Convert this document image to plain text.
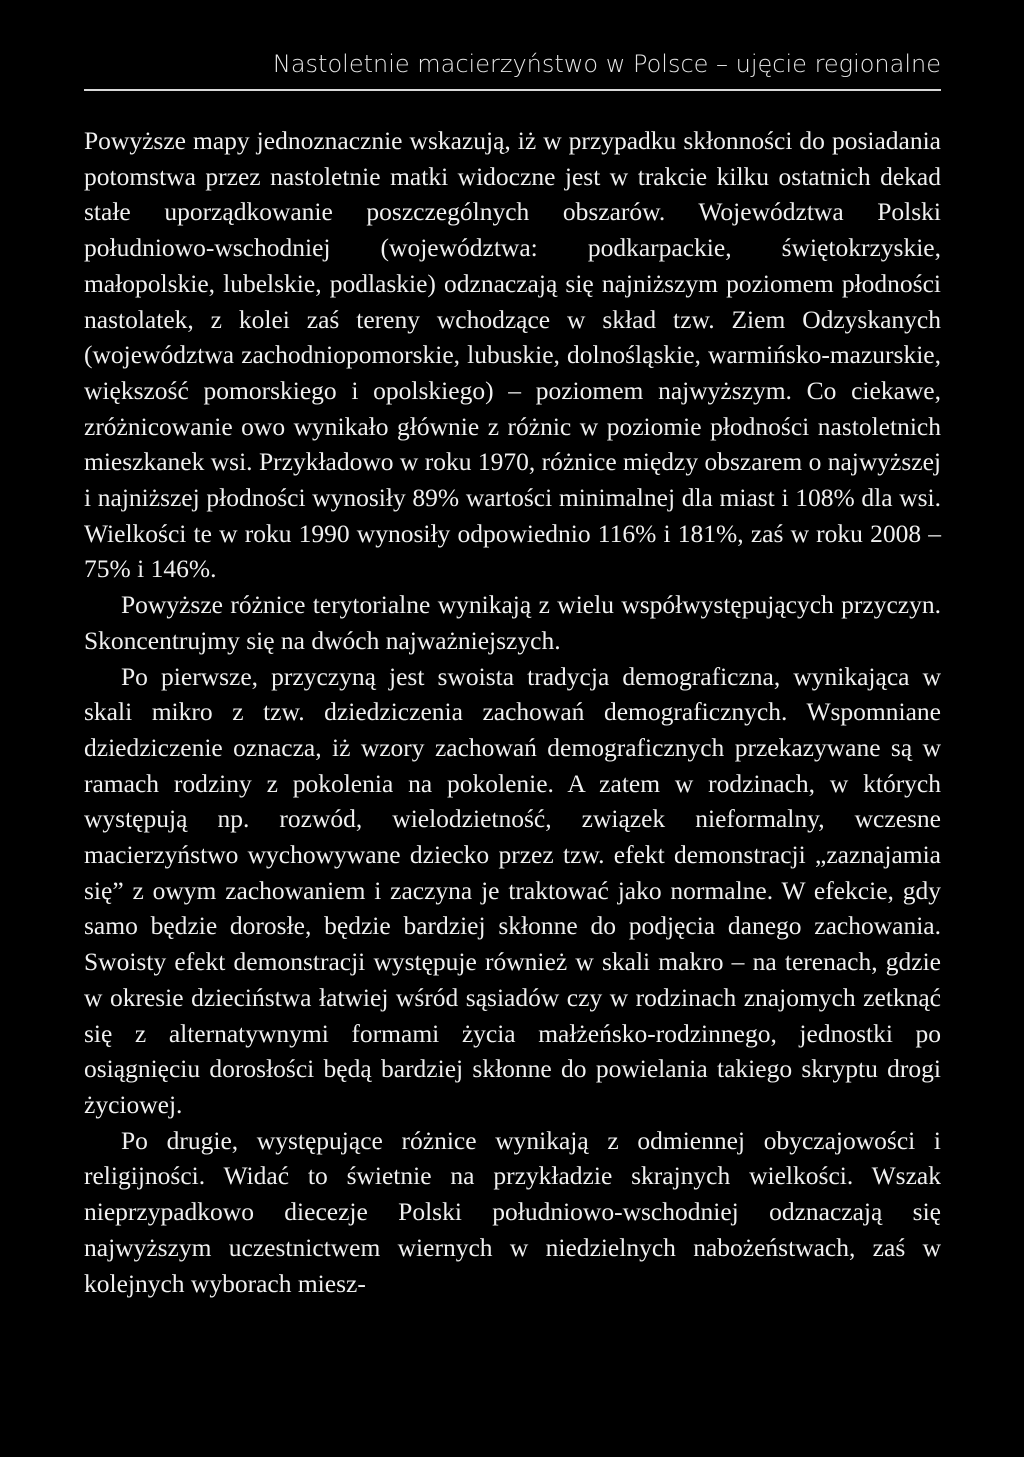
Nastoletnie macierzyństwo w Polsce – ujęcie regionalne

Powyższe mapy jednoznacznie wskazują, iż w przypadku skłonności do posiadania potomstwa przez nastoletnie matki widoczne jest w trakcie kilku ostatnich dekad stałe uporządkowanie poszczególnych obszarów. Województwa Polski południowo-wschodniej (województwa: podkarpackie, świętokrzyskie, małopolskie, lubelskie, podlaskie) odznaczają się najniższym poziomem płodności nastolatek, z kolei zaś tereny wchodzące w skład tzw. Ziem Odzyskanych (województwa zachodniopomorskie, lubuskie, dolnośląskie, warmińsko-mazurskie, większość pomorskiego i opolskiego) – poziomem najwyższym. Co ciekawe, zróżnicowanie owo wynikało głównie z różnic w poziomie płodności nastoletnich mieszkanek wsi. Przykładowo w roku 1970, różnice między obszarem o najwyższej i najniższej płodności wynosiły 89% wartości minimalnej dla miast i 108% dla wsi. Wielkości te w roku 1990 wynosiły odpowiednio 116% i 181%, zaś w roku 2008 – 75% i 146%.

Powyższe różnice terytorialne wynikają z wielu współwystępujących przyczyn. Skoncentrujmy się na dwóch najważniejszych.

Po pierwsze, przyczyną jest swoista tradycja demograficzna, wynikająca w skali mikro z tzw. dziedziczenia zachowań demograficznych. Wspomniane dziedziczenie oznacza, iż wzory zachowań demograficznych przekazywane są w ramach rodziny z pokolenia na pokolenie. A zatem w rodzinach, w których występują np. rozwód, wielodzietność, związek nieformalny, wczesne macierzyństwo wychowywane dziecko przez tzw. efekt demonstracji „zaznajamia się” z owym zachowaniem i zaczyna je traktować jako normalne. W efekcie, gdy samo będzie dorosłe, będzie bardziej skłonne do podjęcia danego zachowania. Swoisty efekt demonstracji występuje również w skali makro – na terenach, gdzie w okresie dzieciństwa łatwiej wśród sąsiadów czy w rodzinach znajomych zetknąć się z alternatywnymi formami życia małżeńsko-rodzinnego, jednostki po osiągnięciu dorosłości będą bardziej skłonne do powielania takiego skryptu drogi życiowej.

Po drugie, występujące różnice wynikają z odmiennej obyczajowości i religijności. Widać to świetnie na przykładzie skrajnych wielkości. Wszak nieprzypadkowo diecezje Polski południowo-wschodniej odznaczają się najwyższym uczestnictwem wiernych w niedzielnych nabożeństwach, zaś w kolejnych wyborach miesz-
